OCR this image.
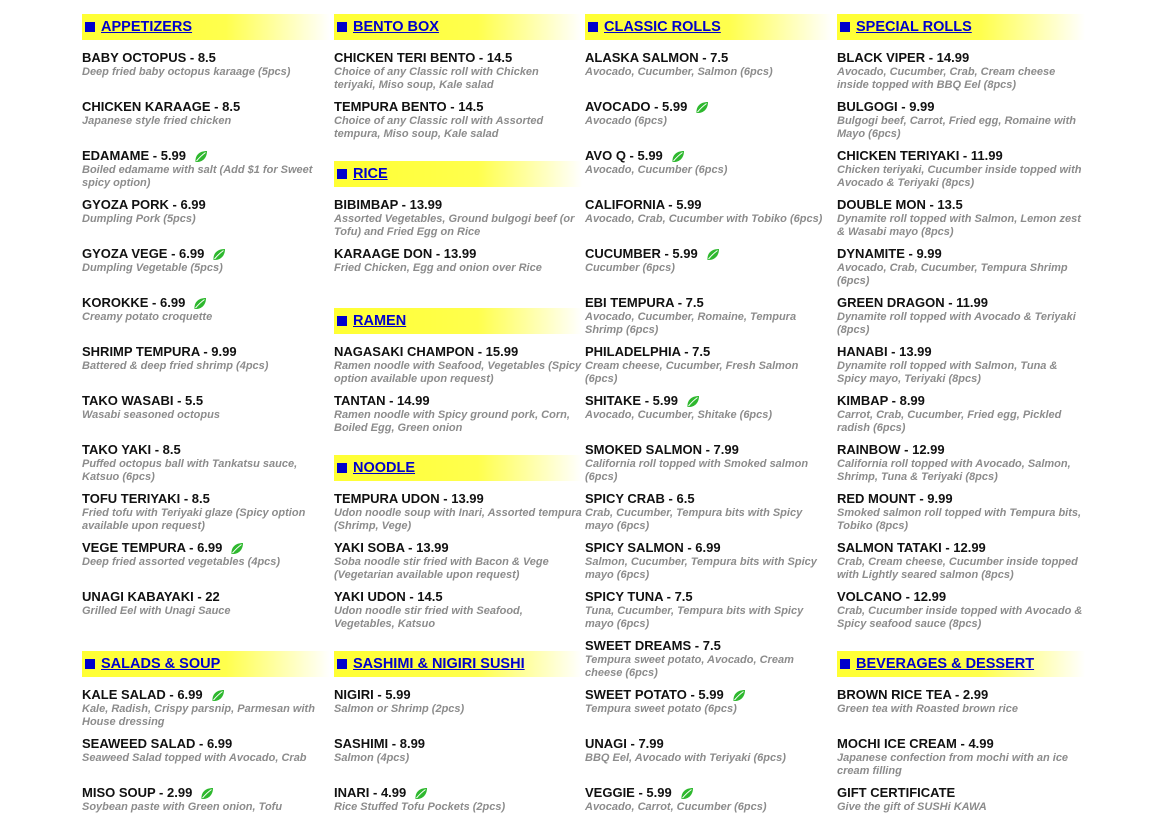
APPETIZERS
BABY OCTOPUS - 8.5
Deep fried baby octopus karaage (5pcs)
CHICKEN KARAAGE - 8.5
Japanese style fried chicken
EDAMAME - 5.99
Boiled edamame with salt (Add $1 for Sweet spicy option)
GYOZA PORK - 6.99
Dumpling Pork (5pcs)
GYOZA VEGE - 6.99
Dumpling Vegetable (5pcs)
KOROKKE - 6.99
Creamy potato croquette
SHRIMP TEMPURA - 9.99
Battered & deep fried shrimp (4pcs)
TAKO WASABI - 5.5
Wasabi seasoned octopus
TAKO YAKI - 8.5
Puffed octopus ball with Tankatsu sauce, Katsuo (6pcs)
TOFU TERIYAKI - 8.5
Fried tofu with Teriyaki glaze (Spicy option available upon request)
VEGE TEMPURA - 6.99
Deep fried assorted vegetables (4pcs)
UNAGI KABAYAKI - 22
Grilled Eel with Unagi Sauce
SALADS & SOUP
KALE SALAD - 6.99
Kale, Radish, Crispy parsnip, Parmesan with House dressing
SEAWEED SALAD - 6.99
Seaweed Salad topped with Avocado, Crab
MISO SOUP - 2.99
Soybean paste with Green onion, Tofu
BENTO BOX
CHICKEN TERI BENTO - 14.5
Choice of any Classic roll with Chicken teriyaki, Miso soup, Kale salad
TEMPURA BENTO - 14.5
Choice of any Classic roll with Assorted tempura, Miso soup, Kale salad
RICE
BIBIMBAP - 13.99
Assorted Vegetables, Ground bulgogi beef (or Tofu) and Fried Egg on Rice
KARAAGE DON - 13.99
Fried Chicken, Egg and onion over Rice
RAMEN
NAGASAKI CHAMPON - 15.99
Ramen noodle with Seafood, Vegetables (Spicy option available upon request)
TANTAN - 14.99
Ramen noodle with Spicy ground pork, Corn, Boiled Egg, Green onion
NOODLE
TEMPURA UDON - 13.99
Udon noodle soup with Inari, Assorted tempura (Shrimp, Vege)
YAKI SOBA - 13.99
Soba noodle stir fried with Bacon & Vege (Vegetarian available upon request)
YAKI UDON - 14.5
Udon noodle stir fried with Seafood, Vegetables, Katsuo
SASHIMI & NIGIRI SUSHI
NIGIRI - 5.99
Salmon or Shrimp (2pcs)
SASHIMI - 8.99
Salmon (4pcs)
INARI - 4.99
Rice Stuffed Tofu Pockets (2pcs)
CLASSIC ROLLS
ALASKA SALMON - 7.5
Avocado, Cucumber, Salmon (6pcs)
AVOCADO - 5.99
Avocado (6pcs)
AVO Q - 5.99
Avocado, Cucumber (6pcs)
CALIFORNIA - 5.99
Avocado, Crab, Cucumber with Tobiko (6pcs)
CUCUMBER - 5.99
Cucumber (6pcs)
EBI TEMPURA - 7.5
Avocado, Cucumber, Romaine, Tempura Shrimp (6pcs)
PHILADELPHIA - 7.5
Cream cheese, Cucumber, Fresh Salmon (6pcs)
SHITAKE - 5.99
Avocado, Cucumber, Shitake (6pcs)
SMOKED SALMON - 7.99
California roll topped with Smoked salmon (6pcs)
SPICY CRAB - 6.5
Crab, Cucumber, Tempura bits with Spicy mayo (6pcs)
SPICY SALMON - 6.99
Salmon, Cucumber, Tempura bits with Spicy mayo (6pcs)
SPICY TUNA - 7.5
Tuna, Cucumber, Tempura bits with Spicy mayo (6pcs)
SWEET DREAMS - 7.5
Tempura sweet potato, Avocado, Cream cheese (6pcs)
SWEET POTATO - 5.99
Tempura sweet potato (6pcs)
UNAGI - 7.99
BBQ Eel, Avocado with Teriyaki (6pcs)
VEGGIE - 5.99
Avocado, Carrot, Cucumber (6pcs)
SPECIAL ROLLS
BLACK VIPER - 14.99
Avocado, Cucumber, Crab, Cream cheese inside topped with BBQ Eel (8pcs)
BULGOGI - 9.99
Bulgogi beef, Carrot, Fried egg, Romaine with Mayo (6pcs)
CHICKEN TERIYAKI - 11.99
Chicken teriyaki, Cucumber inside topped with Avocado & Teriyaki (8pcs)
DOUBLE MON - 13.5
Dynamite roll topped with Salmon, Lemon zest & Wasabi mayo (8pcs)
DYNAMITE - 9.99
Avocado, Crab, Cucumber, Tempura Shrimp (6pcs)
GREEN DRAGON - 11.99
Dynamite roll topped with Avocado & Teriyaki (8pcs)
HANABI - 13.99
Dynamite roll topped with Salmon, Tuna & Spicy mayo, Teriyaki (8pcs)
KIMBAP - 8.99
Carrot, Crab, Cucumber, Fried egg, Pickled radish (6pcs)
RAINBOW - 12.99
California roll topped with Avocado, Salmon, Shrimp, Tuna & Teriyaki (8pcs)
RED MOUNT - 9.99
Smoked salmon roll topped with Tempura bits, Tobiko (8pcs)
SALMON TATAKI - 12.99
Crab, Cream cheese, Cucumber inside topped with Lightly seared salmon (8pcs)
VOLCANO - 12.99
Crab, Cucumber inside topped with Avocado & Spicy seafood sauce (8pcs)
BEVERAGES & DESSERT
BROWN RICE TEA - 2.99
Green tea with Roasted brown rice
MOCHI ICE CREAM - 4.99
Japanese confection from mochi with an ice cream filling
GIFT CERTIFICATE
Give the gift of SUSHi KAWA
